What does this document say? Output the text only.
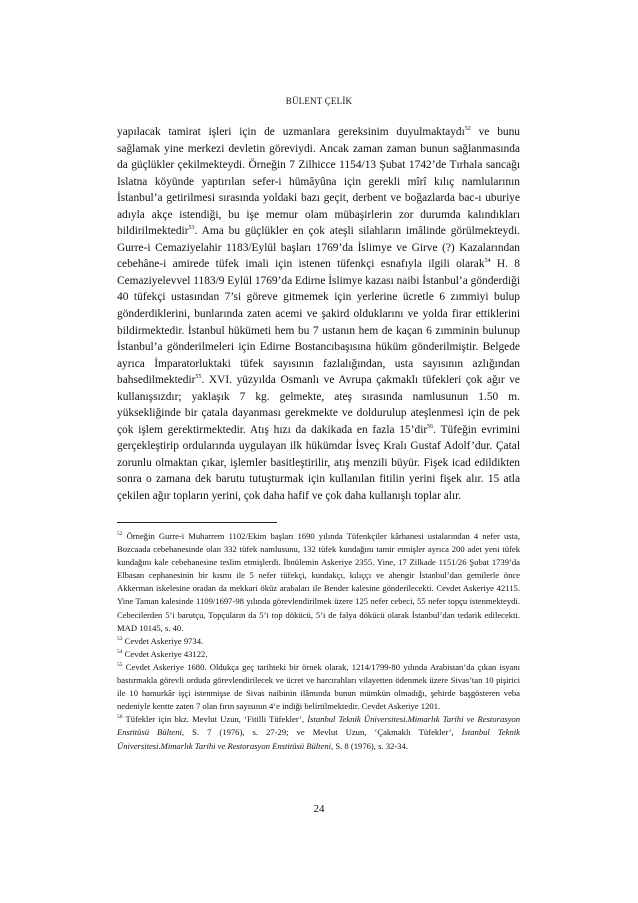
BÜLENT ÇELİK

yapılacak tamirat işleri için de uzmanlara gereksinim duyulmaktaydı$^{52}$ ve bunu sağlamak yine merkezi devletin göreviydi. Ancak zaman zaman bunun sağlanmasında da güçlükler çekilmekteydi. Örneğin 7 Zilhicce 1154/13 Şubat 1742’de Tırhala sancağı Islatna köyünde yaptırılan sefer-i hümâyûna için gerekli mîrî kılıç namlularının İstanbul’a getirilmesi sırasında yoldaki bazı geçit, derbent ve boğazlarda bac-ı uburiye adıyla akçe istendiği, bu işe memur olam mübaşirlerin zor durumda kalındıkları bildirilmektedir$^{53}$. Ama bu güçlükler en çok ateşli silahların imâlinde görülmekteydi. Gurre-i Cemaziyelahir 1183/Eylül başları 1769’da İslimye ve Girve (?) Kazalarından cebehâne-i amirede tüfek imali için istenen tüfenkçi esnafıyla ilgili olarak$^{54}$ H. 8 Cemaziyelevvel 1183/9 Eylül 1769’da Edirne İslimye kazası naibi İstanbul’a gönderdiği 40 tüfekçi ustasından 7’si göreve gitmemek için yerlerine ücretle 6 zımmiyi bulup gönderdiklerini, bunlarında zaten acemi ve şakird olduklarını ve yolda firar ettiklerini bildirmektedir. İstanbul hükümeti hem bu 7 ustanın hem de kaçan 6 zımminin bulunup İstanbul’a gönderilmeleri için Edirne Bostancıbaşısına hüküm gönderilmiştir. Belgede ayrıca İmparatorluktaki tüfek sayısının fazlalığından, usta sayısının azlığından bahsedilmektedir$^{55}$. XVI. yüzyılda Osmanlı ve Avrupa çakmaklı tüfekleri çok ağır ve kullanışsızdır; yaklaşık 7 kg. gelmekte, ateş sırasında namlusunun 1.50 m. yüksekliğinde bir çatala dayanması gerekmekte ve doldurulup ateşlenmesi için de pek çok işlem gerektirmektedir. Atış hızı da dakikada en fazla 15’dir$^{56}$. Tüfeğin evrimini gerçekleştirip ordularında uygulayan ilk hükümdar İsveç Kralı Gustaf Adolf’dur. Çatal zorunlu olmaktan çıkar, işlemler basitleştirilir, atış menzili büyür. Fişek icad edildikten sonra o zamana dek barutu tutuşturmak için kullanılan fitilin yerini fişek alır. 15 atla çekilen ağır topların yerini, çok daha hafif ve çok daha kullanışlı toplar alır.

$^{52}$ Örneğin Gurre-i Muharrem 1102/Ekim başları 1690 yılında Tüfenkçiler kârhanesi ustalarından 4 nefer usta, Bozcaada cebehanesinde olan 332 tüfek namlusunu, 132 tüfek kundağını tamir etmişler ayrıca 200 adet yeni tüfek kundağını kale cebehanesine teslim etmişlerdi. İbnülemin Askeriye 2355. Yine, 17 Zilkade 1151/26 Şubat 1739’da Elbasan cephanesinin bir kısmı ile 5 nefer tüfekçi, kundakçı, kılıççı ve ahengir İstanbul’dan gemilerle önce Akkerman iskelesine oradan da mekkari öküz arabaları ile Bender kalesine gönderilecekti. Cevdet Askeriye 42115. Yine Taman kalesinde 1109/1697-98 yılında görevlendirilmek üzere 125 nefer cebeci, 55 nefer topçu istenmekteydi. Cebecilerden 5’i barutçu, Topçuların da 5’i top dökücü, 5’i de falya dökücü olarak İstanbul’dan tedarik edilecekti. MAD 10145, s. 40.

$^{53}$ Cevdet Askeriye 9734.

$^{54}$ Cevdet Askeriye 43122.

$^{55}$ Cevdet Askeriye 1680. Oldukça geç tarihteki bir örnek olarak, 1214/1799-80 yılında Arabistan’da çıkan isyanı bastırmakla görevli orduda görevlendirilecek ve ücret ve harcırahları vilayetten ödenmek üzere Sivas’tan 10 pişirici ile 10 hamurkâr işçi istenmişse de Sivas naibinin ilâmında bunun mümkün olmadığı, şehirde başgösteren veba nedeniyle kentte zaten 7 olan fırın sayısının 4’e indiği belirtilmektedir. Cevdet Askeriye 1201.

$^{56}$ Tüfekler için bkz. Mevlut Uzun, ‘Fitilli Tüfekler’, İstanbul Teknik Üniversitesi.Mimarlık Tarihi ve Restorasyon Enstitüsü Bülteni, S. 7 (1976), s. 27-29; ve Mevlut Uzun, ‘Çakmaklı Tüfekler’, İstanbul Teknik Üniversitesi.Mimarlık Tarihi ve Restorasyon Enstitüsü Bülteni, S. 8 (1976), s. 32-34.

24
